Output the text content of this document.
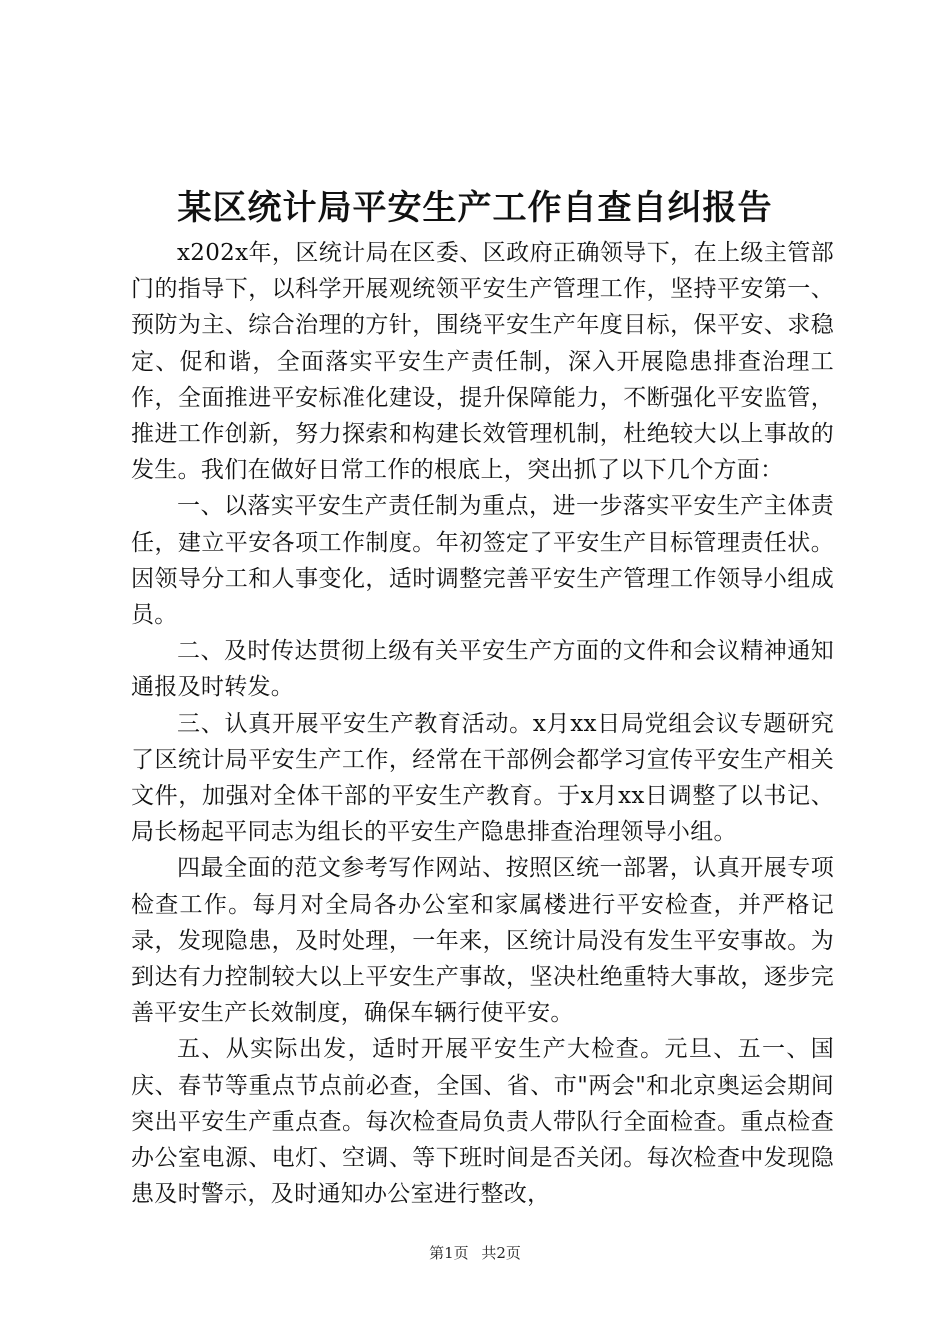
某区统计局平安生产工作自查自纠报告

x202x年，区统计局在区委、区政府正确领导下，在上级主管部门的指导下，以科学开展观统领平安生产管理工作，坚持平安第一、预防为主、综合治理的方针，围绕平安生产年度目标，保平安、求稳定、促和谐，全面落实平安生产责任制，深入开展隐患排查治理工作，全面推进平安标准化建设，提升保障能力，不断强化平安监管，推进工作创新，努力探索和构建长效管理机制，杜绝较大以上事故的发生。我们在做好日常工作的根底上，突出抓了以下几个方面：

一、以落实平安生产责任制为重点，进一步落实平安生产主体责任，建立平安各项工作制度。年初签定了平安生产目标管理责任状。因领导分工和人事变化，适时调整完善平安生产管理工作领导小组成员。

二、及时传达贯彻上级有关平安生产方面的文件和会议精神通知通报及时转发。

三、认真开展平安生产教育活动。x月xx日局党组会议专题研究了区统计局平安生产工作，经常在干部例会都学习宣传平安生产相关文件，加强对全体干部的平安生产教育。于x月xx日调整了以书记、局长杨起平同志为组长的平安生产隐患排查治理领导小组。

四最全面的范文参考写作网站、按照区统一部署，认真开展专项检查工作。每月对全局各办公室和家属楼进行平安检查，并严格记录，发现隐患，及时处理，一年来，区统计局没有发生平安事故。为到达有力控制较大以上平安生产事故，坚决杜绝重特大事故，逐步完善平安生产长效制度，确保车辆行使平安。

五、从实际出发，适时开展平安生产大检查。元旦、五一、国庆、春节等重点节点前必查，全国、省、市"两会"和北京奥运会期间突出平安生产重点查。每次检查局负责人带队行全面检查。重点检查办公室电源、电灯、空调、等下班时间是否关闭。每次检查中发现隐患及时警示，及时通知办公室进行整改，

第1页 共2页
